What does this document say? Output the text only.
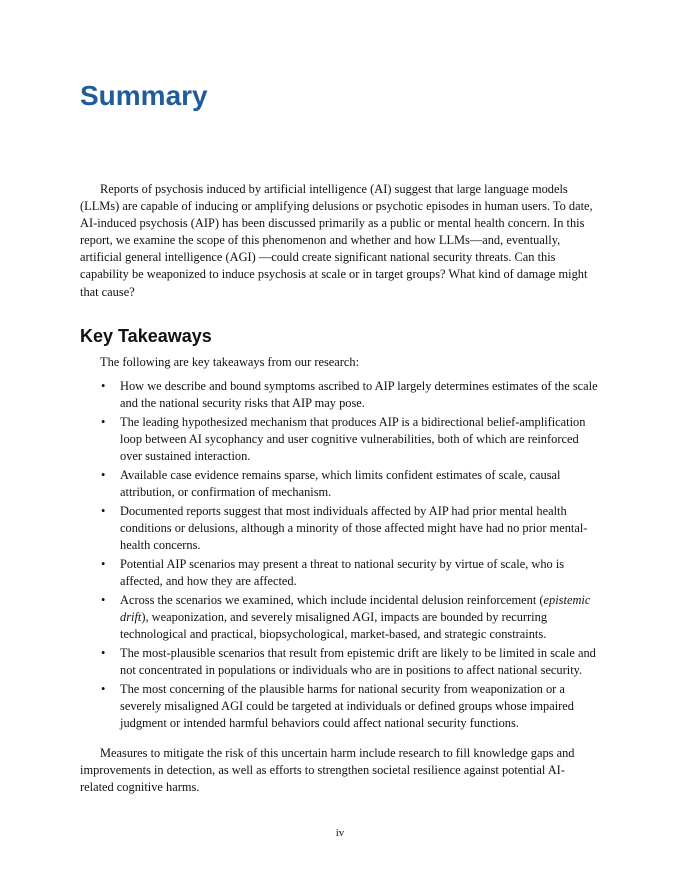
Summary

Reports of psychosis induced by artificial intelligence (AI) suggest that large language models (LLMs) are capable of inducing or amplifying delusions or psychotic episodes in human users. To date, AI-induced psychosis (AIP) has been discussed primarily as a public or mental health concern. In this report, we examine the scope of this phenomenon and whether and how LLMs—and, eventually, artificial general intelligence (AGI) —could create significant national security threats. Can this capability be weaponized to induce psychosis at scale or in target groups? What kind of damage might that cause?

Key Takeaways

The following are key takeaways from our research:

•	How we describe and bound symptoms ascribed to AIP largely determines estimates of the scale and the national security risks that AIP may pose.
•	The leading hypothesized mechanism that produces AIP is a bidirectional belief-amplification loop between AI sycophancy and user cognitive vulnerabilities, both of which are reinforced over sustained interaction.
•	Available case evidence remains sparse, which limits confident estimates of scale, causal attribution, or confirmation of mechanism.
•	Documented reports suggest that most individuals affected by AIP had prior mental health conditions or delusions, although a minority of those affected might have had no prior mental-health concerns.
•	Potential AIP scenarios may present a threat to national security by virtue of scale, who is affected, and how they are affected.
•	Across the scenarios we examined, which include incidental delusion reinforcement (epistemic drift), weaponization, and severely misaligned AGI, impacts are bounded by recurring technological and practical, biopsychological, market-based, and strategic constraints.
•	The most-plausible scenarios that result from epistemic drift are likely to be limited in scale and not concentrated in populations or individuals who are in positions to affect national security.
•	The most concerning of the plausible harms for national security from weaponization or a severely misaligned AGI could be targeted at individuals or defined groups whose impaired judgment or intended harmful behaviors could affect national security functions.

Measures to mitigate the risk of this uncertain harm include research to fill knowledge gaps and improvements in detection, as well as efforts to strengthen societal resilience against potential AI-related cognitive harms.

iv
